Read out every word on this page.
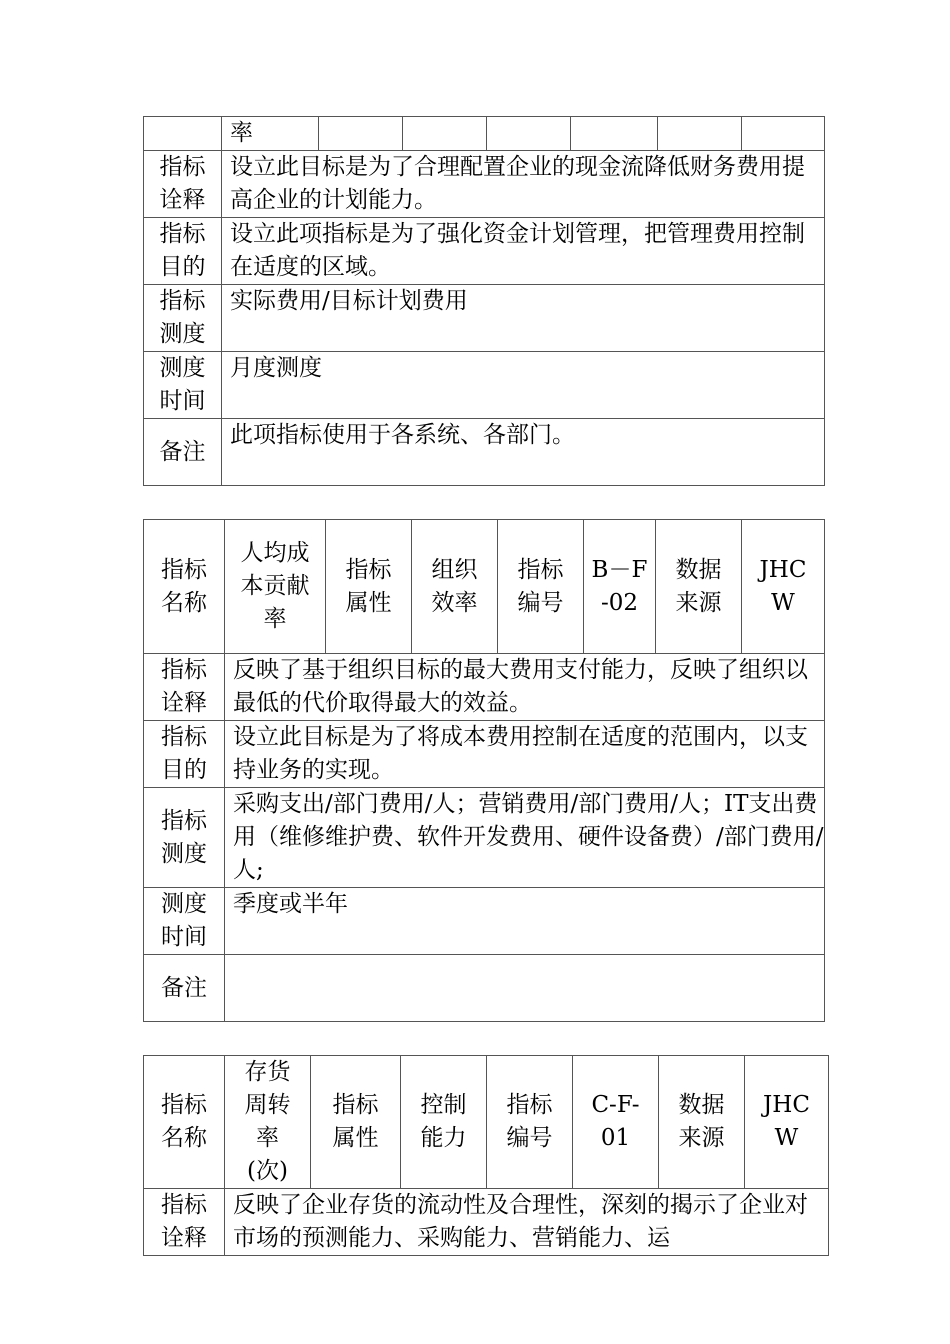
	率						
指标诠释	设立此目标是为了合理配置企业的现金流降低财务费用提高企业的计划能力。						
指标目的	设立此项指标是为了强化资金计划管理，把管理费用控制在适度的区域。						
指标测度	实际费用/目标计划费用						
测度时间	月度测度						
备注	此项指标使用于各系统、各部门。						
指标名称	人均成本贡献率	指标属性	组织效率	指标编号	B－F-02	数据来源	JHCW
指标诠释	反映了基于组织目标的最大费用支付能力，反映了组织以最低的代价取得最大的效益。						
指标目的	设立此目标是为了将成本费用控制在适度的范围内，以支持业务的实现。						
指标测度	采购支出/部门费用/人；营销费用/部门费用/人；IT支出费用（维修维护费、软件开发费用、硬件设备费）/部门费用/人;						
测度时间	季度或半年						
备注							
指标名称	存货周转率(次)	指标属性	控制能力	指标编号	C-F-01	数据来源	JHCW
指标诠释	反映了企业存货的流动性及合理性，深刻的揭示了企业对市场的预测能力、采购能力、营销能力、运						
